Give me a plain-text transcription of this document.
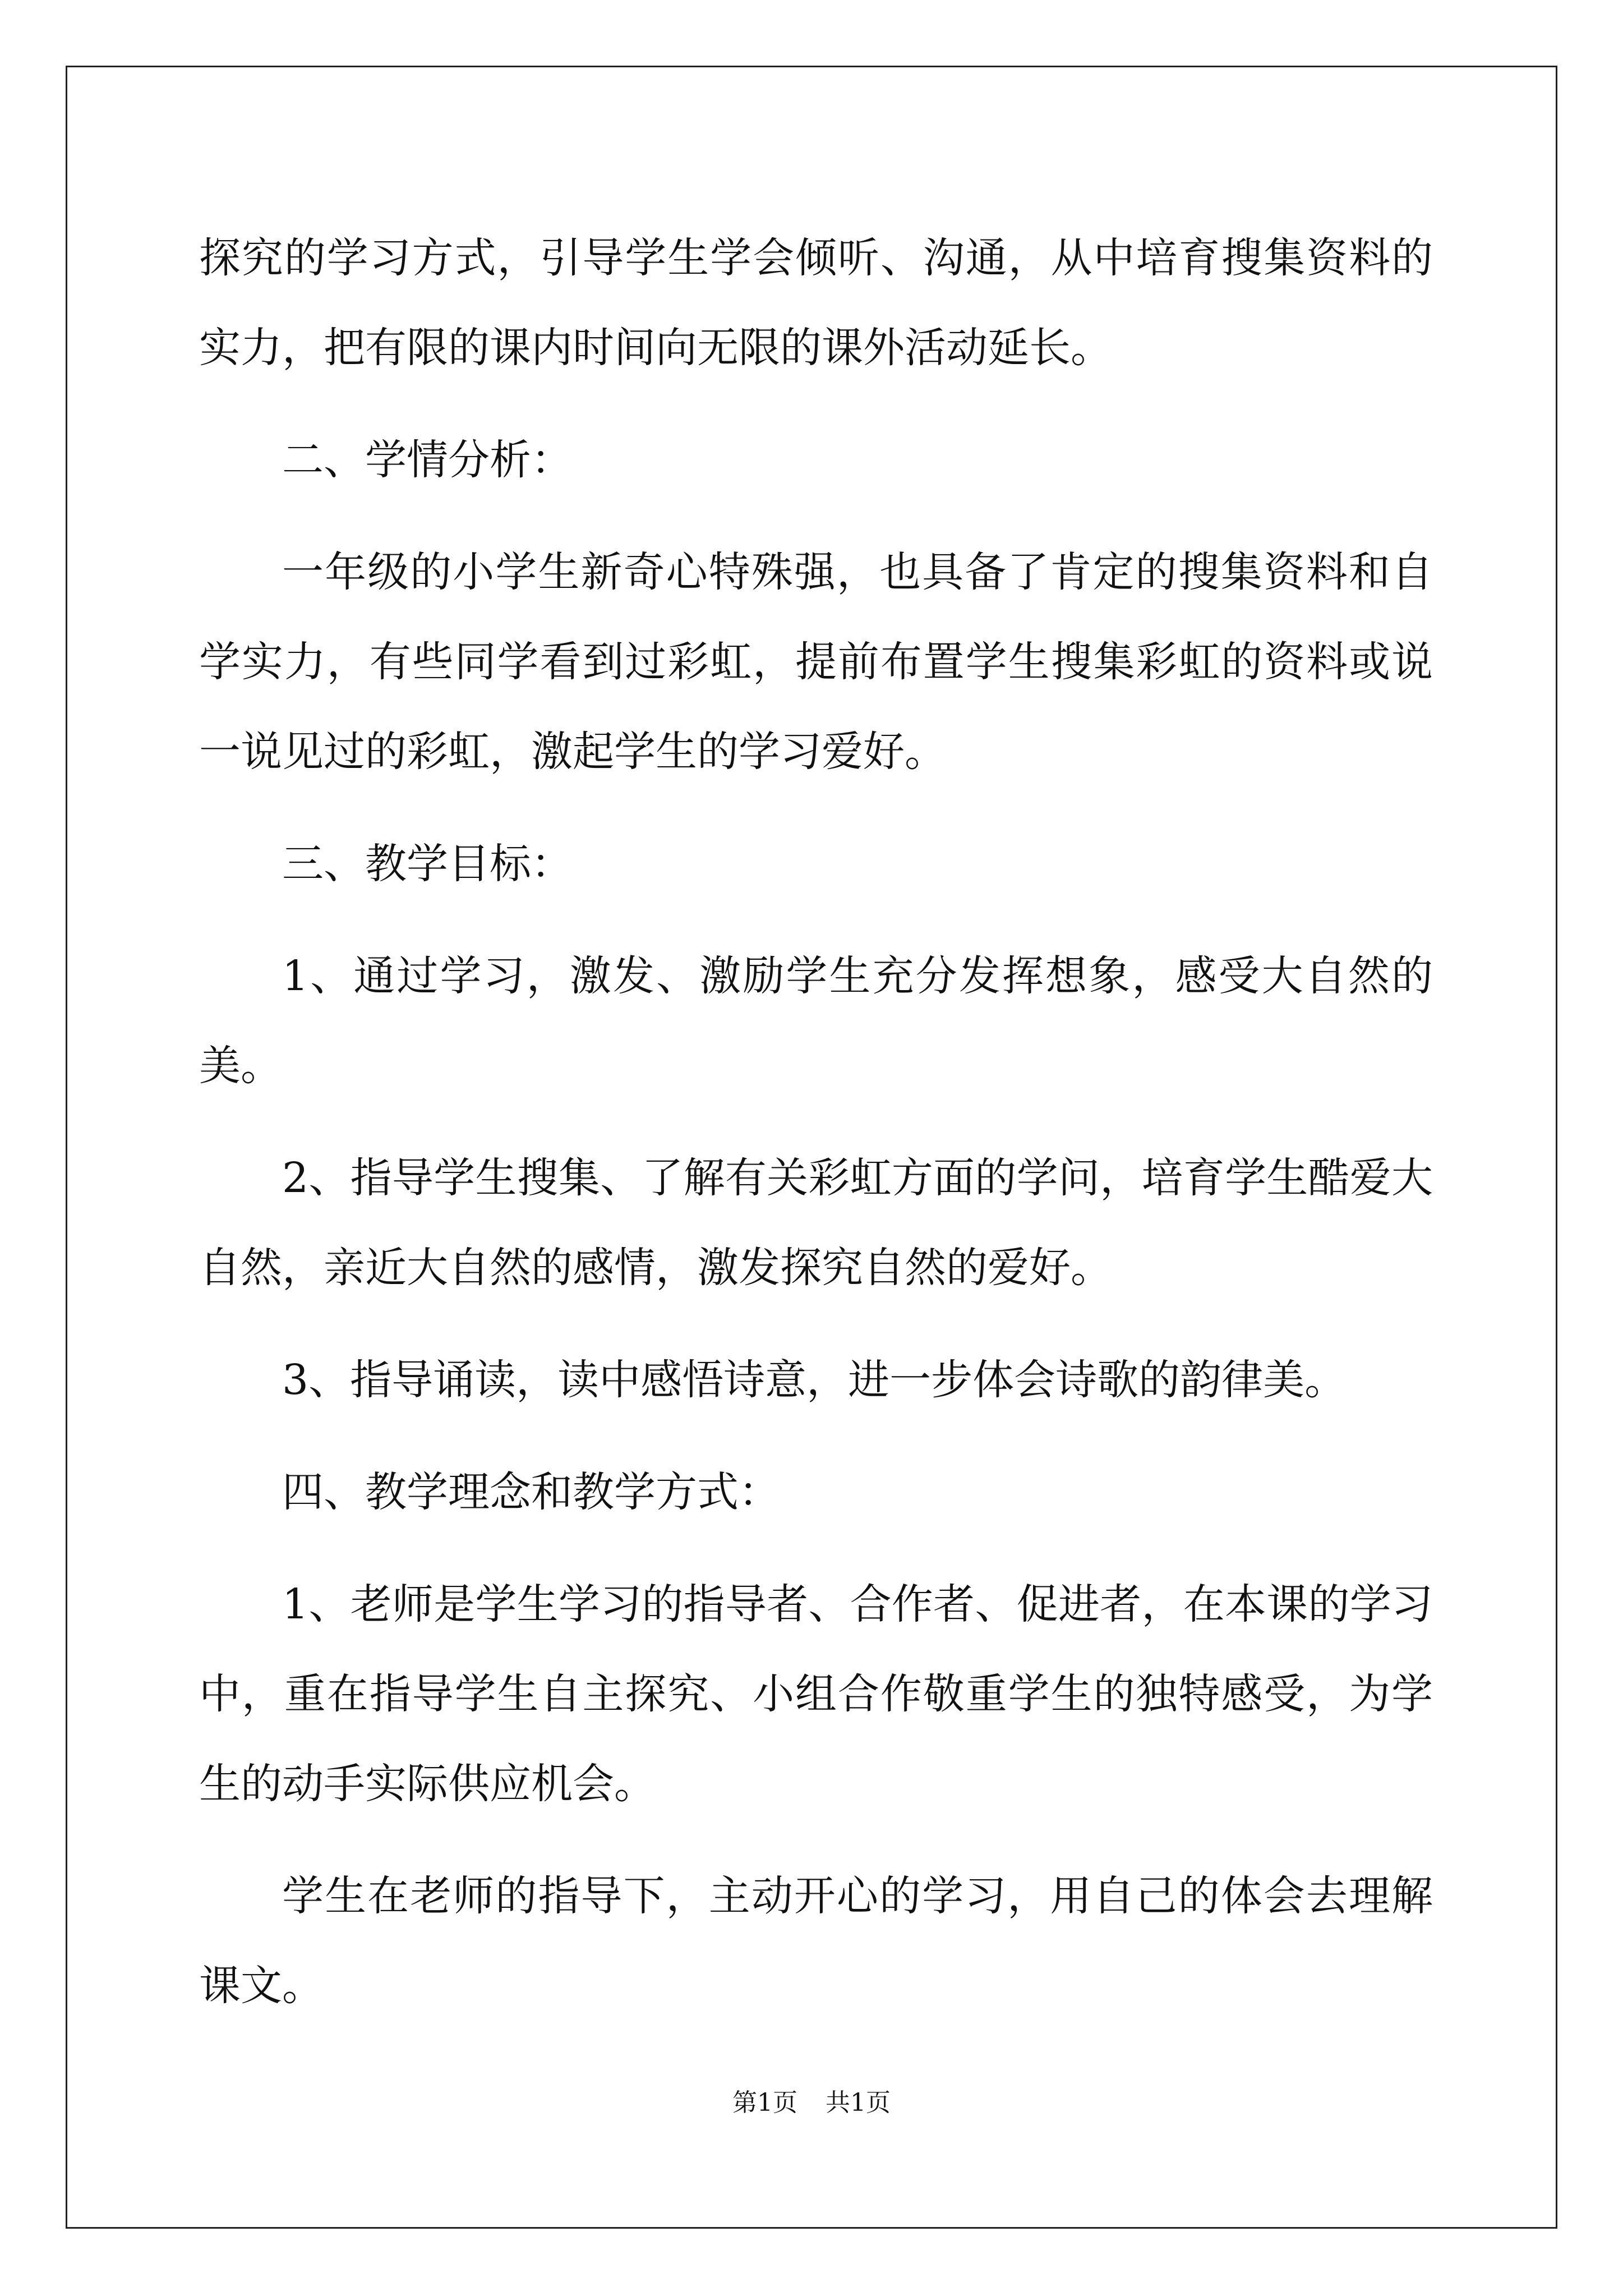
探究的学习方式，引导学生学会倾听、沟通，从中培育搜集资料的实力，把有限的课内时间向无限的课外活动延长。

二、学情分析：

一年级的小学生新奇心特殊强，也具备了肯定的搜集资料和自学实力，有些同学看到过彩虹，提前布置学生搜集彩虹的资料或说一说见过的彩虹，激起学生的学习爱好。

三、教学目标：

1、通过学习，激发、激励学生充分发挥想象，感受大自然的美。

2、指导学生搜集、了解有关彩虹方面的学问，培育学生酷爱大自然，亲近大自然的感情，激发探究自然的爱好。

3、指导诵读，读中感悟诗意，进一步体会诗歌的韵律美。

四、教学理念和教学方式：

1、老师是学生学习的指导者、合作者、促进者，在本课的学习中，重在指导学生自主探究、小组合作敬重学生的独特感受，为学生的动手实际供应机会。

学生在老师的指导下，主动开心的学习，用自己的体会去理解课文。

第1页 共1页
